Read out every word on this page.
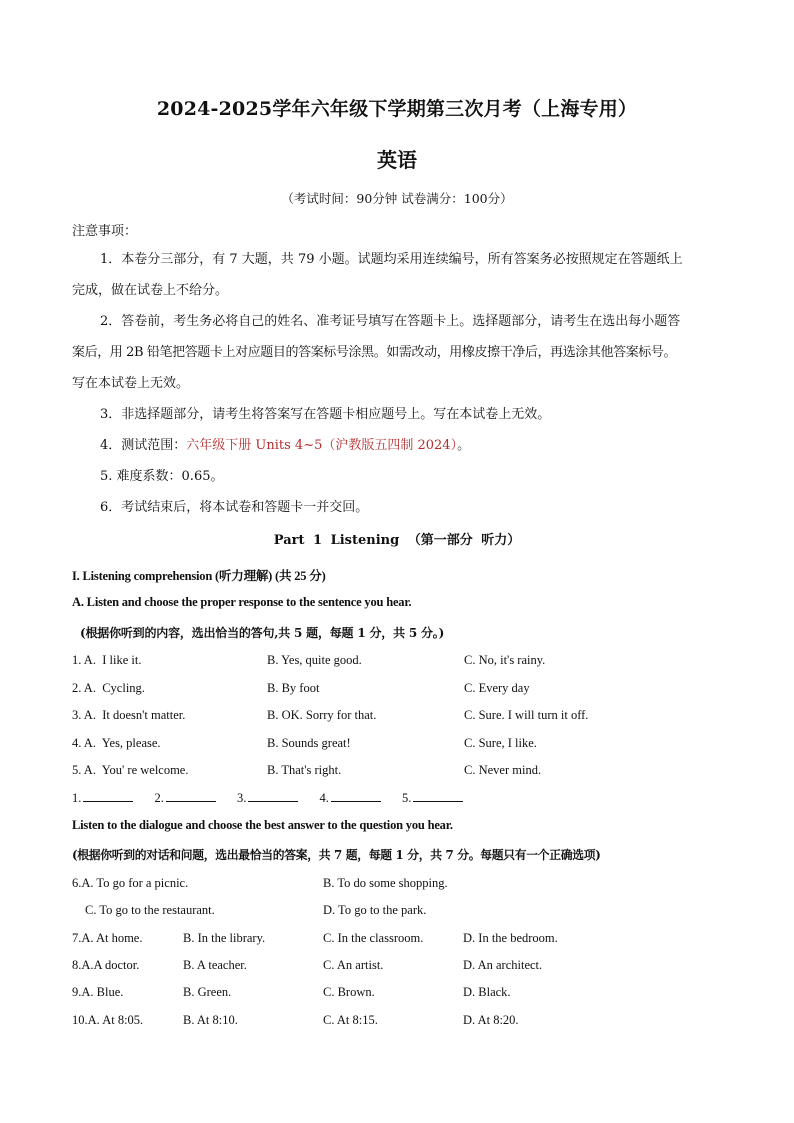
2024-2025学年六年级下学期第三次月考（上海专用）
英语
（考试时间：90分钟 试卷满分：100分）
注意事项：
1．本卷分三部分，有 7 大题，共 79 小题。试题均采用连续编号，所有答案务必按照规定在答题纸上
完成，做在试卷上不给分。
2．答卷前，考生务必将自己的姓名、准考证号填写在答题卡上。选择题部分，请考生在选出每小题答
案后，用 2B 铅笔把答题卡上对应题目的答案标号涂黑。如需改动，用橡皮擦干净后，再选涂其他答案标号。
写在本试卷上无效。
3．非选择题部分，请考生将答案写在答题卡相应题号上。写在本试卷上无效。
4．测试范围：六年级下册 Units 4~5（沪教版五四制 2024）。
5. 难度系数：0.65。
6．考试结束后，将本试卷和答题卡一并交回。
Part 1 Listening （第一部分 听力）
I. Listening comprehension (听力理解) (共 25 分)
A. Listen and choose the proper response to the sentence you hear.
(根据你听到的内容，选出恰当的答句,共 5 题，每题 1 分，共 5 分。)
1. A.  I like it.	B. Yes, quite good.	C. No, it's rainy.
2. A.  Cycling.	B. By foot	C. Every day
3. A.  It doesn't matter.	B. OK. Sorry for that.	C. Sure. I will turn it off.
4. A.  Yes, please.	B. Sounds great!	C. Sure, I like.
5. A.  You' re welcome.	B. That's right.	C. Never mind.
1.	2.	3.	4.	5.
Listen to the dialogue and choose the best answer to the question you hear.
(根据你听到的对话和问题，选出最恰当的答案，共 7 题，每题 1 分，共 7 分。每题只有一个正确选项)
6.A. To go for a picnic.	B. To do some shopping.
C. To go to the restaurant.	D. To go to the park.
7.A. At home.	B. In the library.	C. In the classroom.	D. In the bedroom.
8.A.A doctor.	B. A teacher.	C. An artist.	D. An architect.
9.A. Blue.	B. Green.	C. Brown.	D. Black.
10.A. At 8:05.	B. At 8:10.	C. At 8:15.	D. At 8:20.
